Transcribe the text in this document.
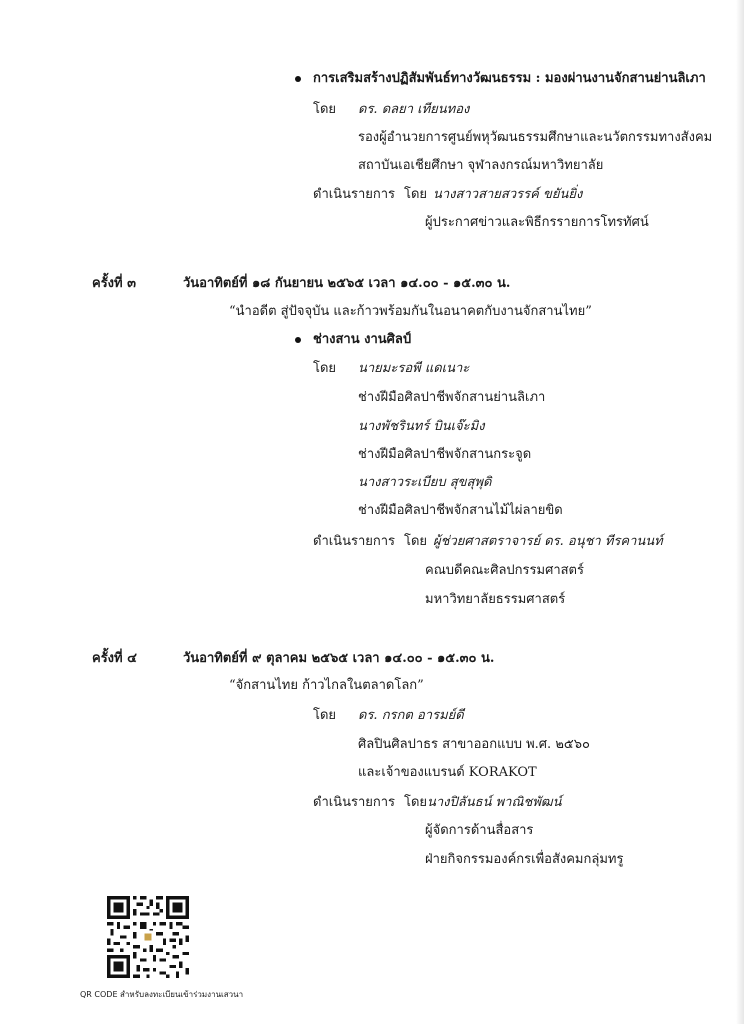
การเสริมสร้างปฏิสัมพันธ์ทางวัฒนธรรม : มองผ่านงานจักสานย่านลิเภา
โดย ดร. ดลยา เทียนทอง
รองผู้อำนวยการศูนย์พหุวัฒนธรรมศึกษาและนวัตกรรมทางสังคม
สถาบันเอเชียศึกษา จุฬาลงกรณ์มหาวิทยาลัย
ดำเนินรายการ โดย นางสาวสายสวรรค์ ขยันยิ่ง
ผู้ประกาศข่าวและพิธีกรรายการโทรทัศน์
ครั้งที่ ๓	วันอาทิตย์ที่ ๑๘ กันยายน ๒๕๖๕ เวลา ๑๔.๐๐ - ๑๕.๓๐ น.
“นำอดีต สู่ปัจจุบัน และก้าวพร้อมกันในอนาคตกับงานจักสานไทย”
ช่างสาน งานศิลป์
โดย นายมะรอพี แดเนาะ
ช่างฝีมือศิลปาชีพจักสานย่านลิเภา
นางพัชรินทร์ บินเจ๊ะมิง
ช่างฝีมือศิลปาชีพจักสานกระจูด
นางสาวระเบียบ สุขสุพุดิ
ช่างฝีมือศิลปาชีพจักสานไม้ไผ่ลายขิด
ดำเนินรายการ โดย ผู้ช่วยศาสตราจารย์ ดร. อนุชา ทีรคานนท์
คณบดีคณะศิลปกรรมศาสตร์
มหาวิทยาลัยธรรมศาสตร์
ครั้งที่ ๔	วันอาทิตย์ที่ ๙ ตุลาคม ๒๕๖๕ เวลา ๑๔.๐๐ - ๑๕.๓๐ น.
“จักสานไทย ก้าวไกลในตลาดโลก”
โดย ดร. กรกต อารมย์ดี
ศิลปินศิลปาธร สาขาออกแบบ พ.ศ. ๒๕๖๐
และเจ้าของแบรนด์ KORAKOT
ดำเนินรายการ โดย นางปิลันธน์ พาณิชพัฒน์
ผู้จัดการด้านสื่อสาร
ฝ่ายกิจกรรมองค์กรเพื่อสังคมกลุ่มทรู
QR CODE สำหรับลงทะเบียนเข้าร่วมงานเสวนา
